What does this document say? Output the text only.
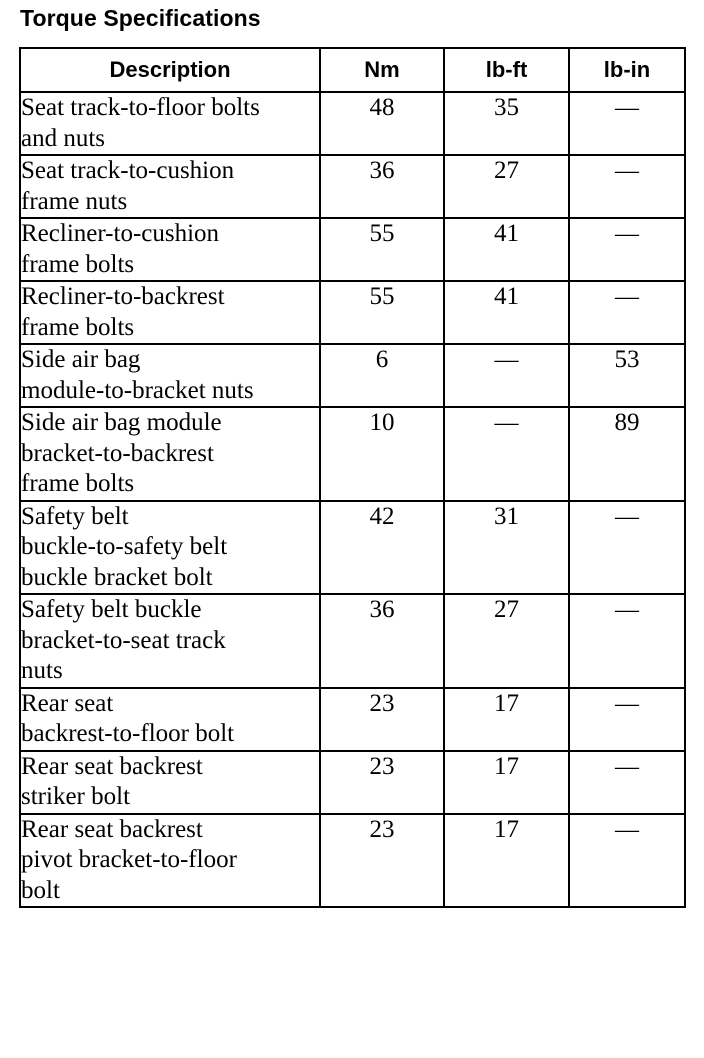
Torque Specifications
Description	Nm	lb-ft	lb-in

Seat track-to-floor bolts
and nuts	48	35	—

Seat track-to-cushion
frame nuts	36	27	—

Recliner-to-cushion
frame bolts	55	41	—

Recliner-to-backrest
frame bolts	55	41	—

Side air bag
module-to-bracket nuts	6	—	53

Side air bag module
bracket-to-backrest
frame bolts	10	—	89

Safety belt
buckle-to-safety belt
buckle bracket bolt	42	31	—

Safety belt buckle
bracket-to-seat track
nuts	36	27	—

Rear seat
backrest-to-floor bolt	23	17	—

Rear seat backrest
striker bolt	23	17	—

Rear seat backrest
pivot bracket-to-floor
bolt	23	17	—
